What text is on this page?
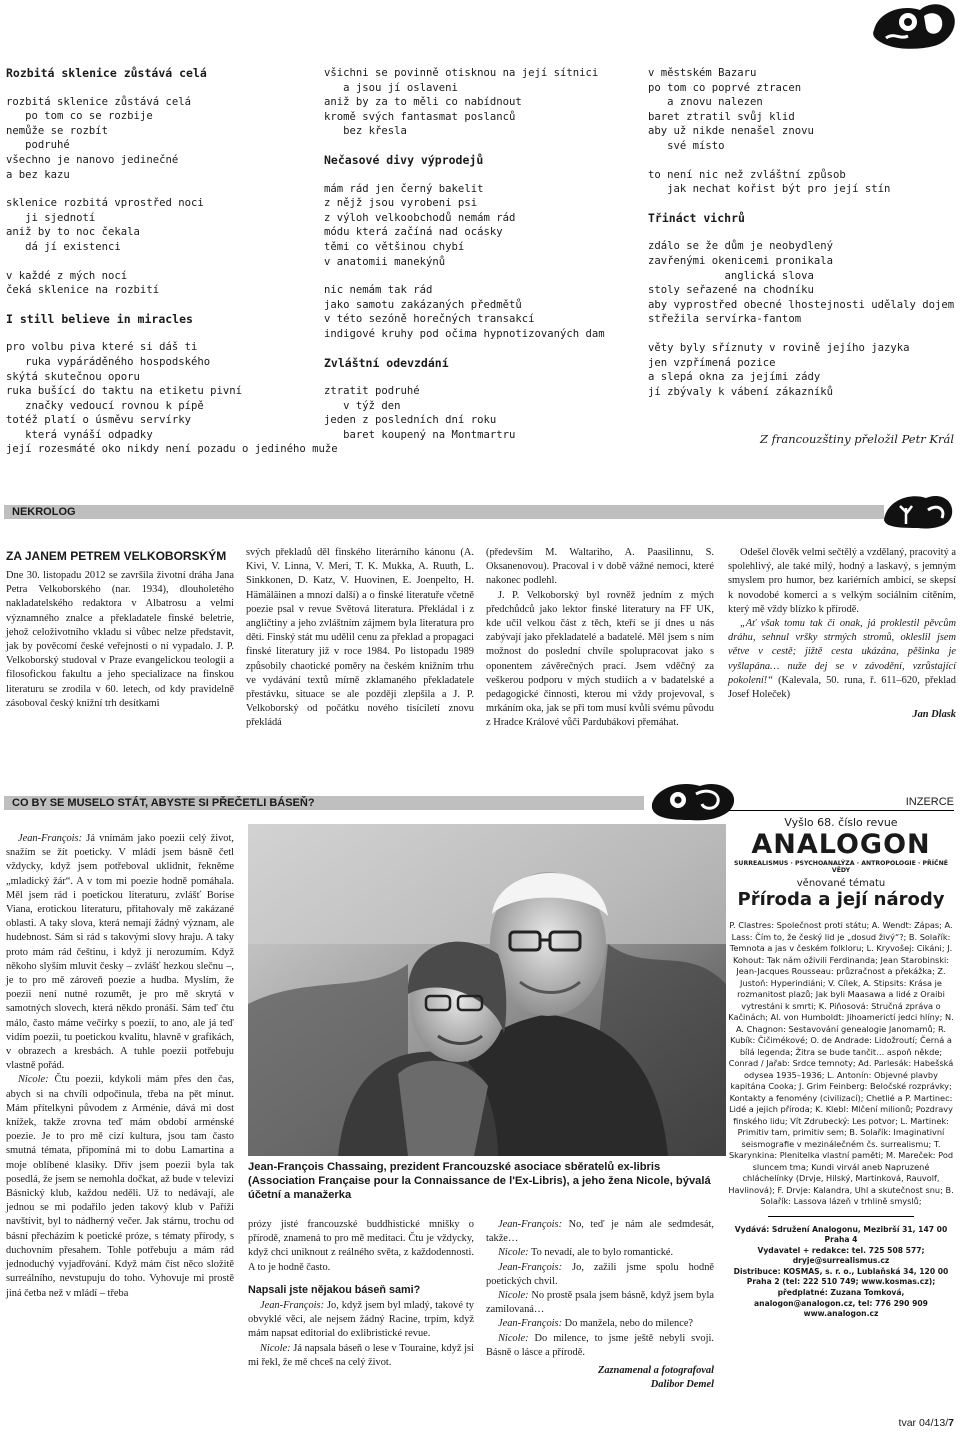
Rozbitá sklenice zůstává celá
rozbitá sklenice zůstává celá
po tom co se rozbije
nemůže se rozbít
podruhé
všechno je nanovo jedinečné
a bez kazu
sklenice rozbitá vprostřed noci
ji sjednotí
aniž by to noc čekala
dá jí existenci
v každé z mých nocí
čeká sklenice na rozbití
I still believe in miracles
pro volbu piva které si dáš ti
ruka vypáráděného hospodského
skýtá skutečnou oporu
ruka bušící do taktu na etiketu pivní
značky vedoucí rovnou k pípě
totéž platí o úsměvu servírky
která vynáší odpadky
její rozesmáté oko nikdy není pozadu o jediného muže
všichni se povinně otisknou na její sítnici
a jsou jí oslaveni
aniž by za to měli co nabídnout
kromě svých fantasmat poslanců
bez křesla
Nečasové divy výprodejů
mám rád jen černý bakelit
z nějž jsou vyrobeni psi
z výloh velkoobchodů nemám rád
módu která začíná nad ocásky
těmi co většinou chybí
v anatomii manekýnů
nic nemám tak rád
jako samotu zakázaných předmětů
v této sezóně horečných transakcí
indigové kruhy pod očima hypnotizovaných dam
Zvláštní odevzdání
ztratit podruhé
v týž den
jeden z posledních dní roku
baret koupený na Montmartru
v městském Bazaru
po tom co poprvé ztracen
a znovu nalezen
baret ztratil svůj klid
aby už nikde nenašel znovu
své místo
to není nic než zvláštní způsob
jak nechat kořist být pro její stín
Třináct vichrů
zdálo se že dům je neobydlený
zavřenými okenicemi pronikala
anglická slova
stoly seřazené na chodníku
aby vyprostřed obecné lhostejnosti udělaly dojem
střežila servírka-fantom
věty byly sříznuty v rovině jejího jazyka
jen vzpřímená pozice
a slepá okna za jejími zády
jí zbývaly k vábení zákazníků
Z francouzštiny přeložil Petr Král
NEKROLOG
ZA JANEM PETREM VELKOBORSKÝM

Dne 30. listopadu 2012 se završila životní dráha Jana Petra Velkoborského (nar. 1934), dlouholetého nakladatelského redaktora v Albatrosu a velmi významného znalce a překladatele finské beletrie, jehož celoživotního vkladu si vůbec nelze představit, jak by pověcomí české veřejnosti o ní vypadalo. J. P. Velkoborský studoval v Praze evangelickou teologii a filosofickou fakultu a jeho specializace na finskou literaturu se zrodila v 60. letech, od kdy pravidelně zásoboval český knižní trh desítkami

svých překladů děl finského literárního kánonu (A. Kivi, V. Linna, V. Meri, T. K. Mukka, A. Ruuth, L. Sinkkonen, D. Katz, V. Huovinen, E. Joenpelto, H. Hämäläinen a mnozí další) a o finské literatuře včetně poezie psal v revue Světová literatura. Překládal i z angličtiny a jeho zvláštním zájmem byla literatura pro děti. Finský stát mu udělil cenu za překlad a propagaci finské literatury již v roce 1984. Po listopadu 1989 způsobily chaotické poměry na českém knižním trhu ve vydávání textů mírně zklamaného překladatele přestávku, situace se ale později zlepšila a J. P. Velkoborský od počátku nového tisíciletí znovu překládá

(především M. Waltariho, A. Paasilinnu, S. Oksanenovou). Pracoval i v době vážné nemoci, které nakonec podlehl.

J. P. Velkoborský byl rovněž jedním z mých předchůdců jako lektor finské literatury na FF UK, kde učil velkou část z těch, kteří se jí dnes u nás zabývají jako překladatelé a badatelé. Měl jsem s ním možnost do poslední chvíle spolupracovat jako s oponentem závěrečných prací. Jsem vděčný za veškerou podporu v mých studiích a v badatelské a pedagogické činnosti, kterou mi vždy projevoval, s mrkáním oka, jak se při tom musí kvůli svému původu z Hradce Králové vůči Pardubákovi přemáhat.

Odešel člověk velmi sečtělý a vzdělaný, pracovitý a spolehlivý, ale také milý, hodný a laskavý, s jemným smyslem pro humor, bez kariérních ambicí, se skepsí k novodobé komerci a s velkým sociálním cítěním, který mě vždy blízko k přírodě.

„Ať však tomu tak či onak, já proklestil pěvcům dráhu, sehnul vršky strmých stromů, okleslil jsem větve v cestě; jižtě cesta ukázána, pěšinka je vyšlapána… nuže dej se v závodění, vzrůstající pokolení!“ (Kalevala, 50. runa, ř. 611–620, překlad Josef Holeček)

Jan Dlask

CO BY SE MUSELO STÁT, ABYSTE SI PŘEČETLI BÁSEŇ?

Jean-François: Já vnímám jako poezii celý život, snažím se žít poeticky. V mládí jsem básně četl vždycky, když jsem potřeboval uklidnit, řekněme „mladický žár“. A v tom mi poezie hodně pomáhala. Měl jsem rád i poetickou literaturu, zvlášť Borise Viana, erotickou literaturu, přitahovaly mě zakázané oblasti. A taky slova, která nemají žádný význam, ale hudebnost. Sám si rád s takovými slovy hraju. A taky proto mám rád češtinu, i když jí nerozumím. Když někoho slyším mluvit česky – zvlášť hezkou slečnu –, je to pro mě zároveň poezie a hudba. Myslím, že poezii není nutné rozumět, je pro mě skrytá v samotných slovech, která někdo pronáší. Sám teď čtu málo, často máme večírky s poezií, to ano, ale já teď vidím poezii, tu poetickou kvalitu, hlavně v grafikách, v obrazech a kresbách. A tuhle poezii potřebuju vlastně pořád.

Nicole: Čtu poezii, kdykoli mám přes den čas, abych si na chvíli odpočinula, třeba na pět minut. Mám přítelkyni původem z Arménie, dává mi dost knížek, takže zrovna teď mám období arménské poezie. Je to pro mě cizí kultura, jsou tam často smutná témata, připomíná mi to dobu Lamartina a moje oblíbené klasiky. Dřív jsem poezii byla tak posedlá, že jsem se nemohla dočkat, až bude v televizi Básnický klub, každou neděli. Už to nedávají, ale jednou se mi podařilo jeden takový klub v Paříži navštívit, byl to nádherný večer. Jak stárnu, trochu od básní přecházím k poetické próze, s tématy přírody, s duchovním přesahem. Tohle potřebuju a mám rád jednoduchý vyjadřování. Když mám číst něco složitě surreálního, nevstupuju do toho. Vyhovuje mi prostě jiná četba než v mládí – třeba

Jean-François Chassaing, prezident Francouzské asociace sběratelů ex-libris (Association Française pour la Connaissance de l'Ex-Libris), a jeho žena Nicole, bývalá účetní a manažerka

prózy jisté francouzské buddhistické mnišky o přírodě, znamená to pro mě meditaci. Čtu je vždycky, když chci uniknout z reálného světa, z každodennosti. A to je hodně často.

Napsali jste nějakou báseň sami?

Jean-François: Jo, když jsem byl mladý, takové ty obvyklé věci, ale nejsem žádný Racine, trpím, když mám napsat editorial do exlibristické revue.

Nicole: Já napsala báseň o lese v Touraine, když jsi mi řekl, že mě chceš na celý život.

Jean-François: No, teď je nám ale sedmdesát, takže…

Nicole: To nevadí, ale to bylo romantické.

Jean-François: Jo, zažili jsme spolu hodně poetických chvil.

Nicole: No prostě psala jsem básně, když jsem byla zamilovaná…

Jean-François: Do manžela, nebo do milence?

Nicole: Do milence, to jsme ještě nebyli svoji. Básně o lásce a přírodě.

Zaznamenal a fotografoval

Dalibor Demel

INZERCE
Vyšlo 68. číslo revue
ANALOGON
SURREALISMUS · PSYCHOANALÝZA · ANTROPOLOGIE · PŘÍČNÉ VĚDY
věnované tématu
Příroda a její národy
P. Clastres: Společnost proti státu; A. Wendt: Zápas; A. Lass: Čím to, že český lid je „dosud živý“?; B. Solařík: Temnota a jas v českém folkloru; L. Kryvošej: Cikáni; J. Kohout: Tak nám oživili Ferdinanda; Jean Starobinski: Jean-Jacques Rousseau: průzračnost a překážka; Z. Justoň: Hyperindiáni; V. Cílek, A. Stipsits: Krása je rozmanitost plazů; Jak byli Maasawa a lidé z Oraibi vytrestáni k smrti; K. Piňosová: Stručná zpráva o Kačinách; Al. von Humboldt: Jihoamerictí jedci hlíny; N. A. Chagnon: Sestavování genealogie Janomamů; R. Kubík: Čičimékové; O. de Andrade: Lidožroutí; Černá a bílá legenda; Žitra se bude tančit… aspoň někde; Conrad / Jařab: Srdce temnoty; Ad. Parlesák: Habešská odysea 1935–1936; L. Antonín: Objevné plavby kapitána Cooka; J. Grim Feinberg: Beločské rozprávky; Kontakty a fenomény (civilizací); Chetlié a P. Martinec: Lidé a jejich příroda; K. Klebl: Mlčení milionů; Pozdravy finského lidu; Vít Zdrubecký: Les potvor; L. Martinek: Primitiv tam, primitiv sem; B. Solařík: Imaginativní seismografie v mezinálečném čs. surrealismu; T. Skarynkina: Plenitelka vlastní paměti; M. Mareček: Pod sluncem tma; Kundi virvál aneb Napruzené chláchelínky (Drvje, Hilský, Martinková, Rauvolf, Havlinová); F. Drvje: Kalandra, Uhl a skutečnost snu; B. Solařík: Lassova lázeň v trhlině smyslů;
Vydává: Sdružení Analogonu, Mezibrší 31, 147 00 Praha 4
Vydavatel + redakce: tel. 725 508 577; dryje@surrealismus.cz
Distribuce: KOSMAS, s. r. o., Lublaňská 34, 120 00 Praha 2 (tel: 222 510 749; www.kosmas.cz);
předplatné: Zuzana Tomková, analogon@analogon.cz, tel: 776 290 909
www.analogon.cz
tvar 04/13/7
